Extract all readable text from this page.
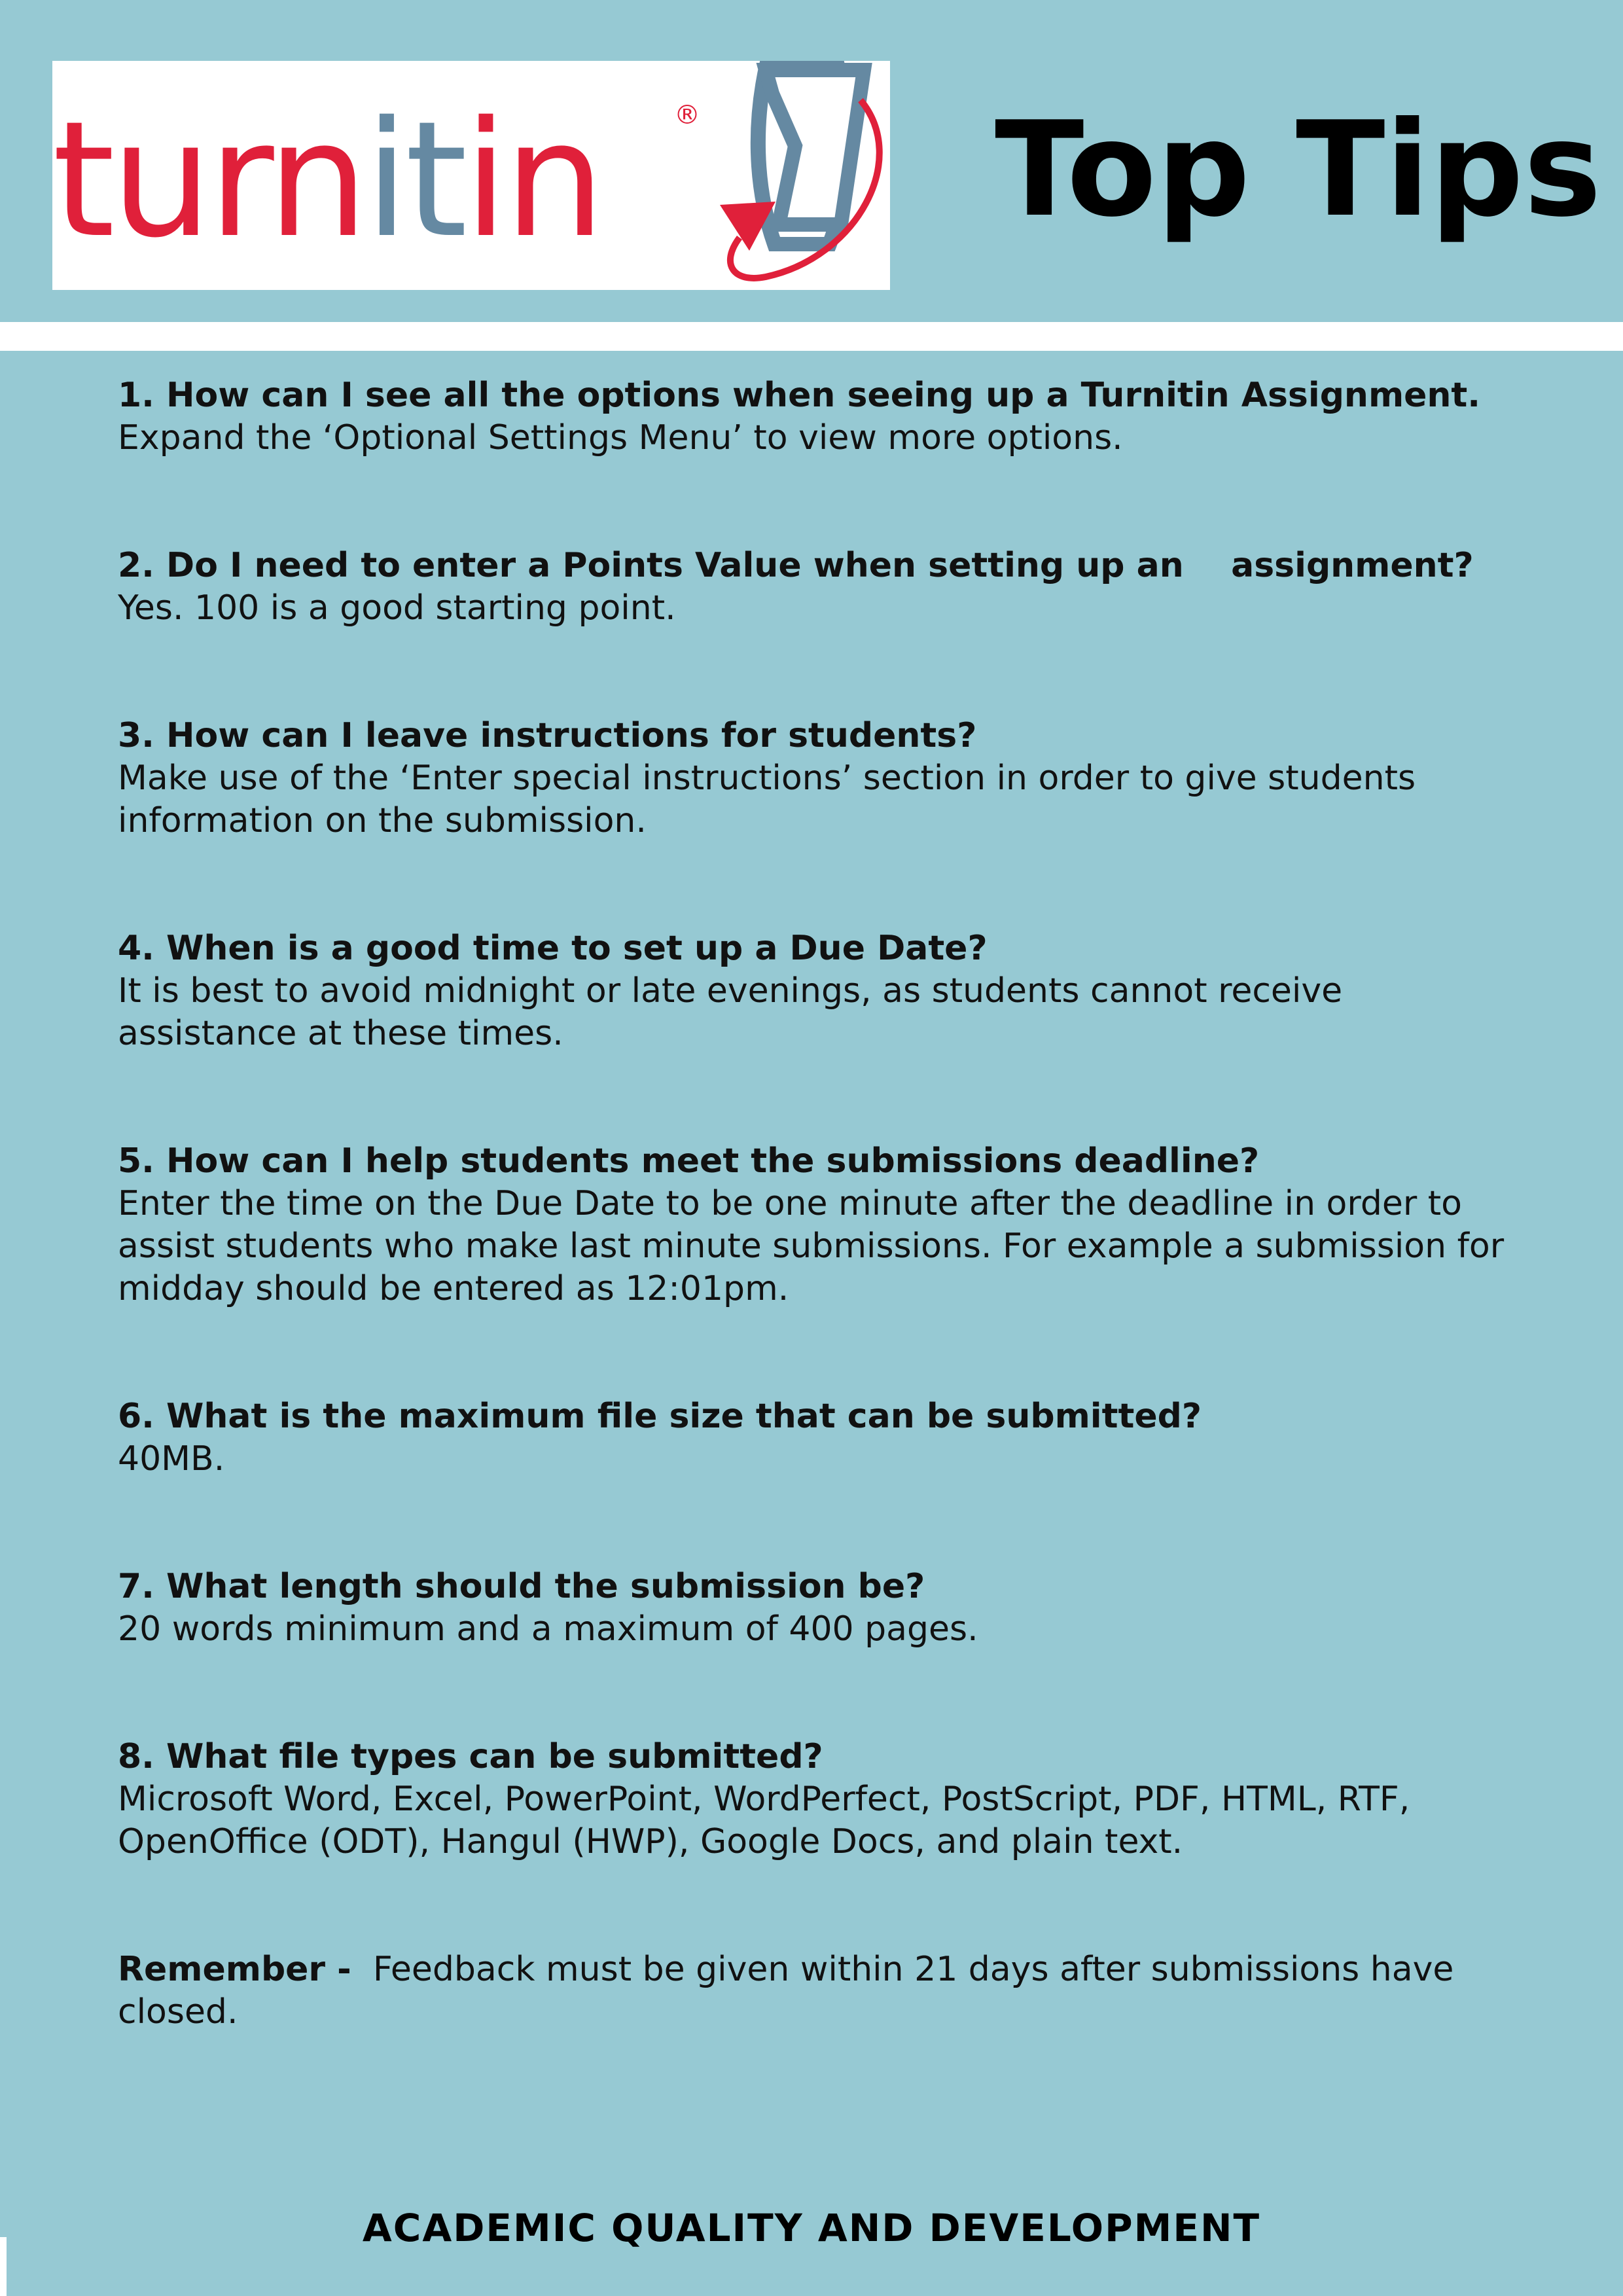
turnitin	® Top Tips

1. How can I see all the options when seeing up a Turnitin Assignment.

Expand the ‘Optional Settings Menu’ to view more options.

2. Do I need to enter a Points Value when setting up an    assignment?

Yes. 100 is a good starting point.

3. How can I leave instructions for students?

Make use of the ‘Enter special instructions’ section in order to give students information on the submission.

4. When is a good time to set up a Due Date?

It is best to avoid midnight or late evenings, as students cannot receive assistance at these times.

5. How can I help students meet the submissions deadline?

Enter the time on the Due Date to be one minute after the deadline in order to assist students who make last minute submissions. For example a submission for midday should be entered as 12:01pm.

6. What is the maximum file size that can be submitted?

40MB.

7. What length should the submission be?

20 words minimum and a maximum of 400 pages.

8. What file types can be submitted?

Microsoft Word, Excel, PowerPoint, WordPerfect, PostScript, PDF, HTML, RTF, OpenOffice (ODT), Hangul (HWP), Google Docs, and plain text.

Remember - Feedback must be given within 21 days after submissions have closed.

ACADEMIC QUALITY AND DEVELOPMENT
